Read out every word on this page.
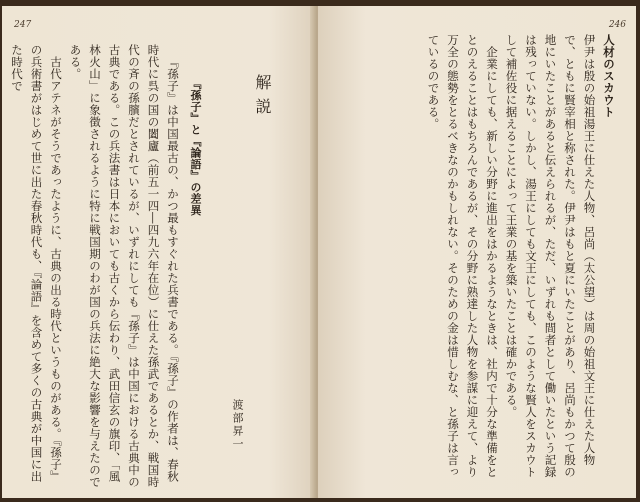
247
解説
『孫子』と『論語』の差異
『孫子』は中国最古の、かつ最もすぐれた兵書である。『孫子』の作者は、春秋時代に呉の国の闔廬（前五一四―四九六年在位）に仕えた孫武であるとか、戦国時代の斉の孫臏だとされているが、いずれにしても『孫子』は中国における古典中の古典である。この兵法書は日本においても古くから伝わり、武田信玄の旗印、「風林火山」に象徴されるように特に戦国期のわが国の兵法に絶大な影響を与えたのである。
古代アテネがそうであったように、古典の出る時代というものがある。『孫子』の兵術書がはじめて世に出た春秋時代も、『論語』を含めて多くの古典が中国に出た時代で
渡部昇一
246
人材のスカウト
伊尹は殷の始祖湯王に仕えた人物、呂尚（太公望）は周の始祖文王に仕えた人物で、ともに賢宰相と称された。伊尹はもと夏にいたことがあり、呂尚もかつて殷の地にいたことがあると伝えられるが、ただ、いずれも間者として働いたという記録は残っていない。しかし、湯王にしても文王にしても、このような賢人をスカウトして補佐役に据えることによって王業の基を築いたことは確かである。
企業にしても、新しい分野に進出をはかるようなときは、社内で十分な準備をととのえることはもちろんであるが、その分野に熟達した人物を参謀に迎えて、より万全の態勢をとるべきなのかもしれない。そのための金は惜しむな、と孫子は言っているのである。
